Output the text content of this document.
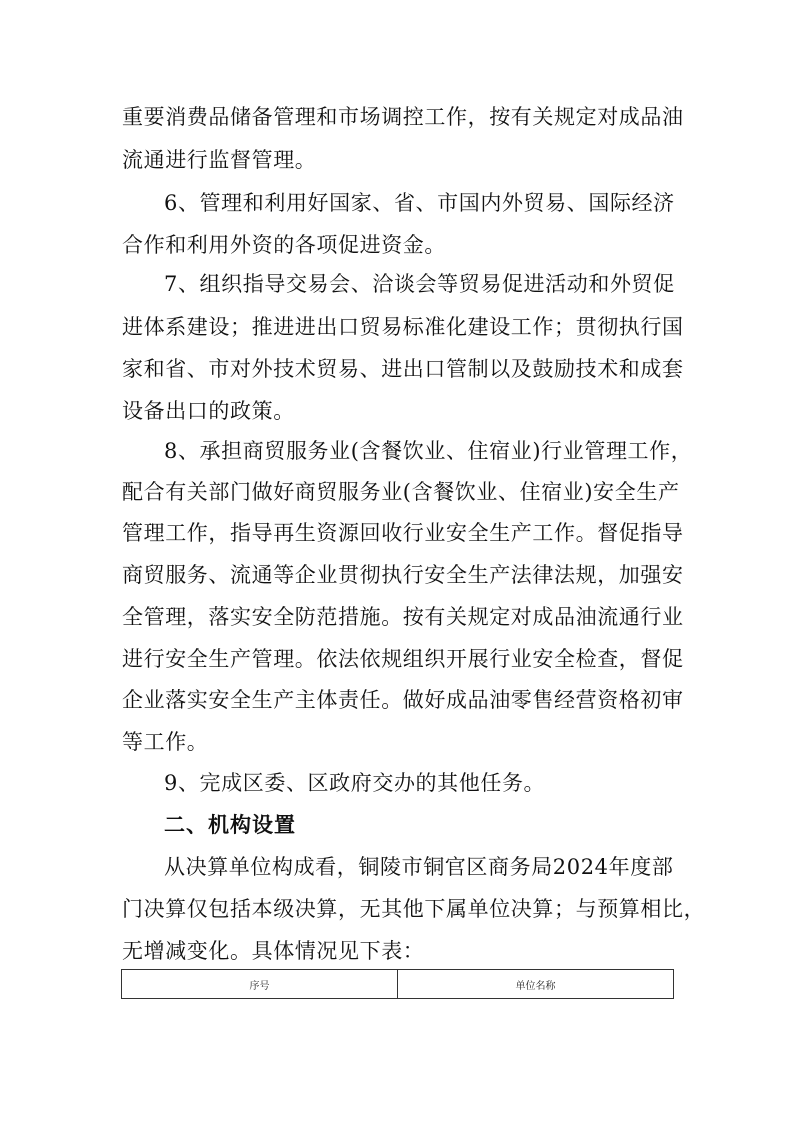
重要消费品储备管理和市场调控工作，按有关规定对成品油
流通进行监督管理。
6、管理和利用好国家、省、市国内外贸易、国际经济
合作和利用外资的各项促进资金。
7、组织指导交易会、洽谈会等贸易促进活动和外贸促
进体系建设；推进进出口贸易标准化建设工作；贯彻执行国
家和省、市对外技术贸易、进出口管制以及鼓励技术和成套
设备出口的政策。
8、承担商贸服务业(含餐饮业、住宿业)行业管理工作，
配合有关部门做好商贸服务业(含餐饮业、住宿业)安全生产
管理工作，指导再生资源回收行业安全生产工作。督促指导
商贸服务、流通等企业贯彻执行安全生产法律法规，加强安
全管理，落实安全防范措施。按有关规定对成品油流通行业
进行安全生产管理。依法依规组织开展行业安全检查，督促
企业落实安全生产主体责任。做好成品油零售经营资格初审
等工作。
9、完成区委、区政府交办的其他任务。
二、机构设置
从决算单位构成看，铜陵市铜官区商务局2024年度部
门决算仅包括本级决算，无其他下属单位决算；与预算相比，
无增减变化。具体情况见下表：
序号	单位名称
